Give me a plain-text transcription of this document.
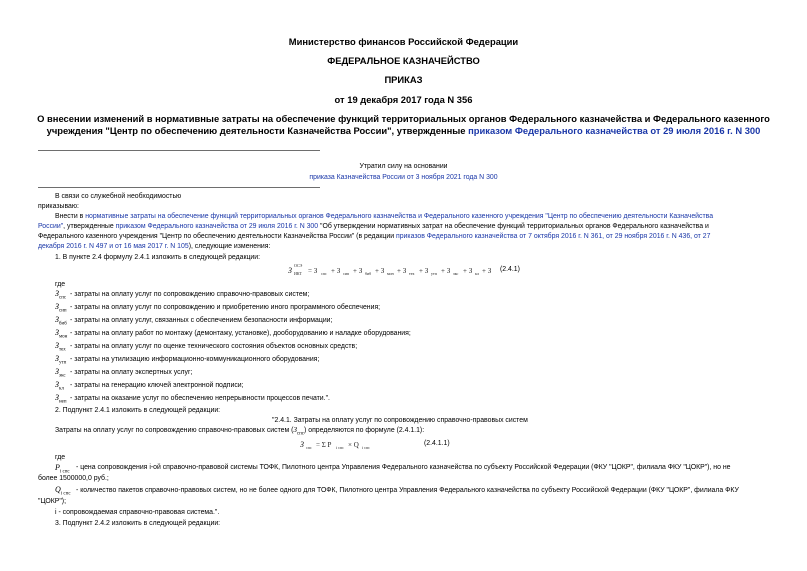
Министерство финансов Российской Федерации
ФЕДЕРАЛЬНОЕ КАЗНАЧЕЙСТВО
ПРИКАЗ
от 19 декабря 2017 года N 356
О внесении изменений в нормативные затраты на обеспечение функций территориальных органов Федерального казначейства и Федерального казенного
учреждения "Центр по обеспечению деятельности Казначейства России", утвержденные приказом Федерального казначейства от 29 июля 2016 г. N 300
Утратил силу на основании
приказа Казначейства России от 3 ноября 2021 года N 300
В связи со служебной необходимостью
приказываю:
Внести в нормативные затраты на обеспечение функций территориальных органов Федерального казначейства и Федерального казенного учреждения "Центр по обеспечению деятельности Казначейства
России", утвержденные приказом Федерального казначейства от 29 июля 2016 г. N 300 "Об утверждении нормативных затрат на обеспечение функций территориальных органов Федерального казначейства и
Федерального казенного учреждения "Центр по обеспечению деятельности Казначейства России" (в редакции приказов Федерального казначейства от 7 октября 2016 г. N 361, от 29 ноября 2016 г. N 436, от 27
декабря 2016 г. N 497 и от 16 мая 2017 г. N 105), следующие изменения:
1. В пункте 2.4 формулу 2.4.1 изложить в следующей редакции:
З
ОСЭ
ИКТ = З спс + З сип + З биб + З мон + З тех + З утп + З экс + З кл + З (2.4.1)
где
$З_{спс}$
- затраты на оплату услуг по сопровождению справочно-правовых систем;
$З_{сип}$
- затраты на оплату услуг по сопровождению и приобретению иного программного обеспечения;
$З_{биб}$
- затраты на оплату услуг, связанных с обеспечением безопасности информации;
$З_{мон}$
- затраты на оплату работ по монтажу (демонтажу, установке), дооборудованию и наладке оборудования;
$З_{тех}$
- затраты на оплату услуг по оценке технического состояния объектов основных средств;
$З_{утп}$
- затраты на утилизацию информационно-коммуникационного оборудования;
$З_{экс}$
- затраты на оплату экспертных услуг;
$З_{кл}$
- затраты на генерацию ключей электронной подписи;
$З_{неп}$
- затраты на оказание услуг по обеспечению непрерывности процессов печати.".
2. Подпункт 2.4.1 изложить в следующей редакции:
"2.4.1. Затраты на оплату услуг по сопровождению справочно-правовых систем
Затраты на оплату услуг по сопровождению справочно-правовых систем $(З_{спс})$ определяются по формуле (2.4.1.1):
З спс = Σ P i спс × Q i спс
(2.4.1.1)
где
$P_{i спс}$
- цена сопровождения i-ой справочно-правовой системы ТОФК, Пилотного центра Управления Федерального казначейства по субъекту Российской Федерации (ФКУ "ЦОКР", филиала ФКУ "ЦОКР"), но не
более 1500000,0 руб.;
$Q_{i спс}$
- количество пакетов справочно-правовых систем, но не более одного для ТОФК, Пилотного центра Управления Федерального казначейства по субъекту Российской Федерации (ФКУ "ЦОКР", филиала ФКУ
"ЦОКР");
i - сопровождаемая справочно-правовая система.".
3. Подпункт 2.4.2 изложить в следующей редакции:
